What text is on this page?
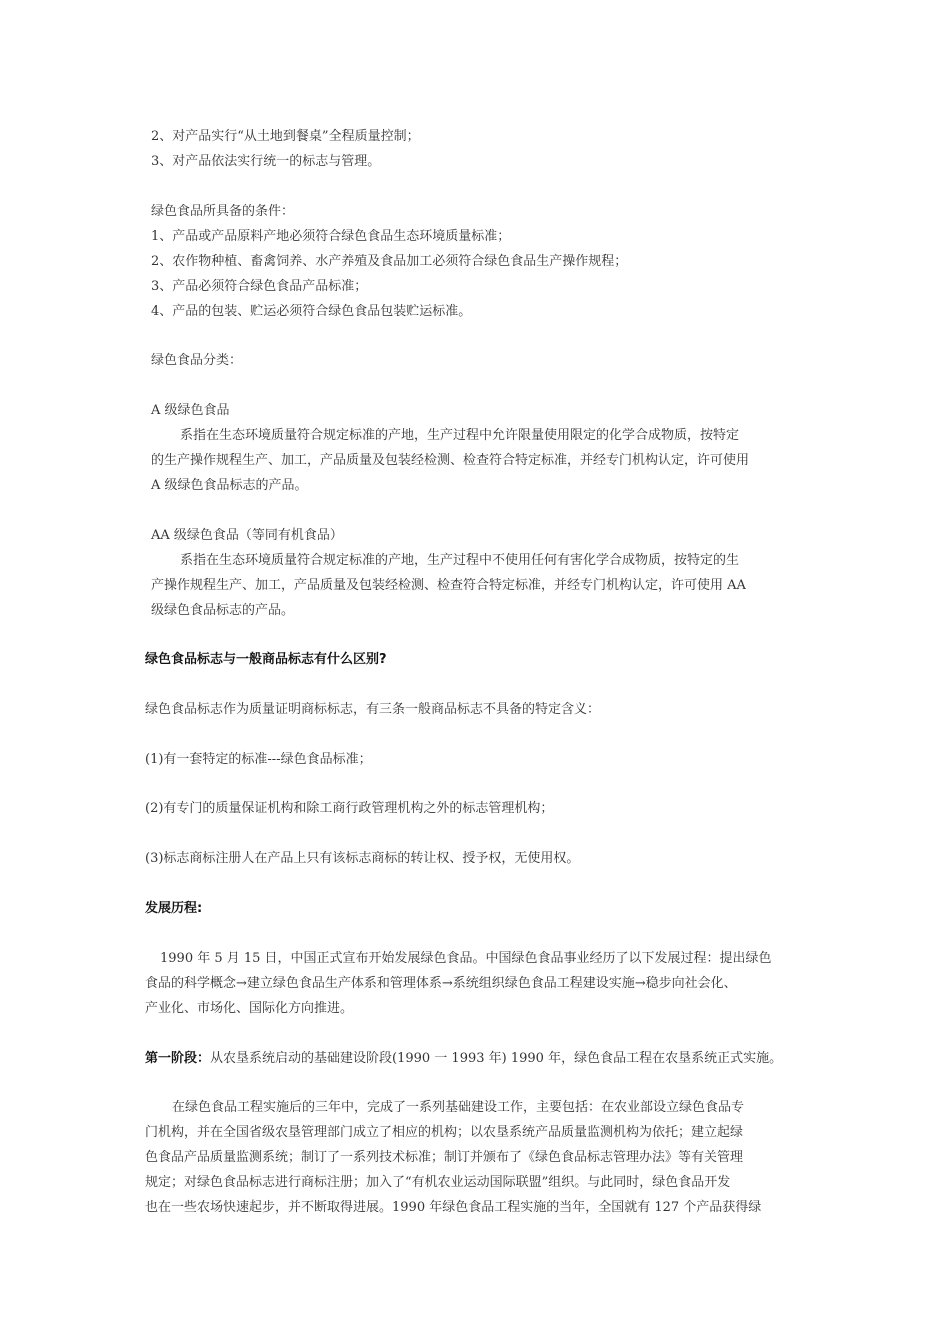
2、对产品实行“从土地到餐桌”全程质量控制；

3、对产品依法实行统一的标志与管理。

绿色食品所具备的条件：

1、产品或产品原料产地必须符合绿色食品生态环境质量标准；

2、农作物种植、畜禽饲养、水产养殖及食品加工必须符合绿色食品生产操作规程；

3、产品必须符合绿色食品产品标准；

4、产品的包装、贮运必须符合绿色食品包装贮运标准。

绿色食品分类：

A 级绿色食品

系指在生态环境质量符合规定标准的产地，生产过程中允许限量使用限定的化学合成物质，按特定

的生产操作规程生产、加工，产品质量及包装经检测、检查符合特定标准，并经专门机构认定，许可使用

A 级绿色食品标志的产品。

AA 级绿色食品（等同有机食品）

系指在生态环境质量符合规定标准的产地，生产过程中不使用任何有害化学合成物质，按特定的生

产操作规程生产、加工，产品质量及包装经检测、检查符合特定标准，并经专门机构认定，许可使用 AA

级绿色食品标志的产品。

绿色食品标志与一般商品标志有什么区别?

绿色食品标志作为质量证明商标标志，有三条一般商品标志不具备的特定含义：

(1)有一套特定的标准---绿色食品标准；

(2)有专门的质量保证机构和除工商行政管理机构之外的标志管理机构；

(3)标志商标注册人在产品上只有该标志商标的转让权、授予权，无使用权。

发展历程:

1990 年 5 月 15 日，中国正式宣布开始发展绿色食品。中国绿色食品事业经历了以下发展过程：提出绿色

食品的科学概念→建立绿色食品生产体系和管理体系→系统组织绿色食品工程建设实施→稳步向社会化、

产业化、市场化、国际化方向推进。

第一阶段：从农垦系统启动的基础建设阶段(1990 一 1993 年) 1990 年，绿色食品工程在农垦系统正式实施。

在绿色食品工程实施后的三年中，完成了一系列基础建设工作，主要包括：在农业部设立绿色食品专

门机构，并在全国省级农垦管理部门成立了相应的机构；以农垦系统产品质量监测机构为依托；建立起绿

色食品产品质量监测系统；制订了一系列技术标准；制订并颁布了《绿色食品标志管理办法》等有关管理

规定；对绿色食品标志进行商标注册；加入了“有机农业运动国际联盟”组织。与此同时，绿色食品开发

也在一些农场快速起步，并不断取得进展。1990 年绿色食品工程实施的当年，全国就有 127 个产品获得绿
